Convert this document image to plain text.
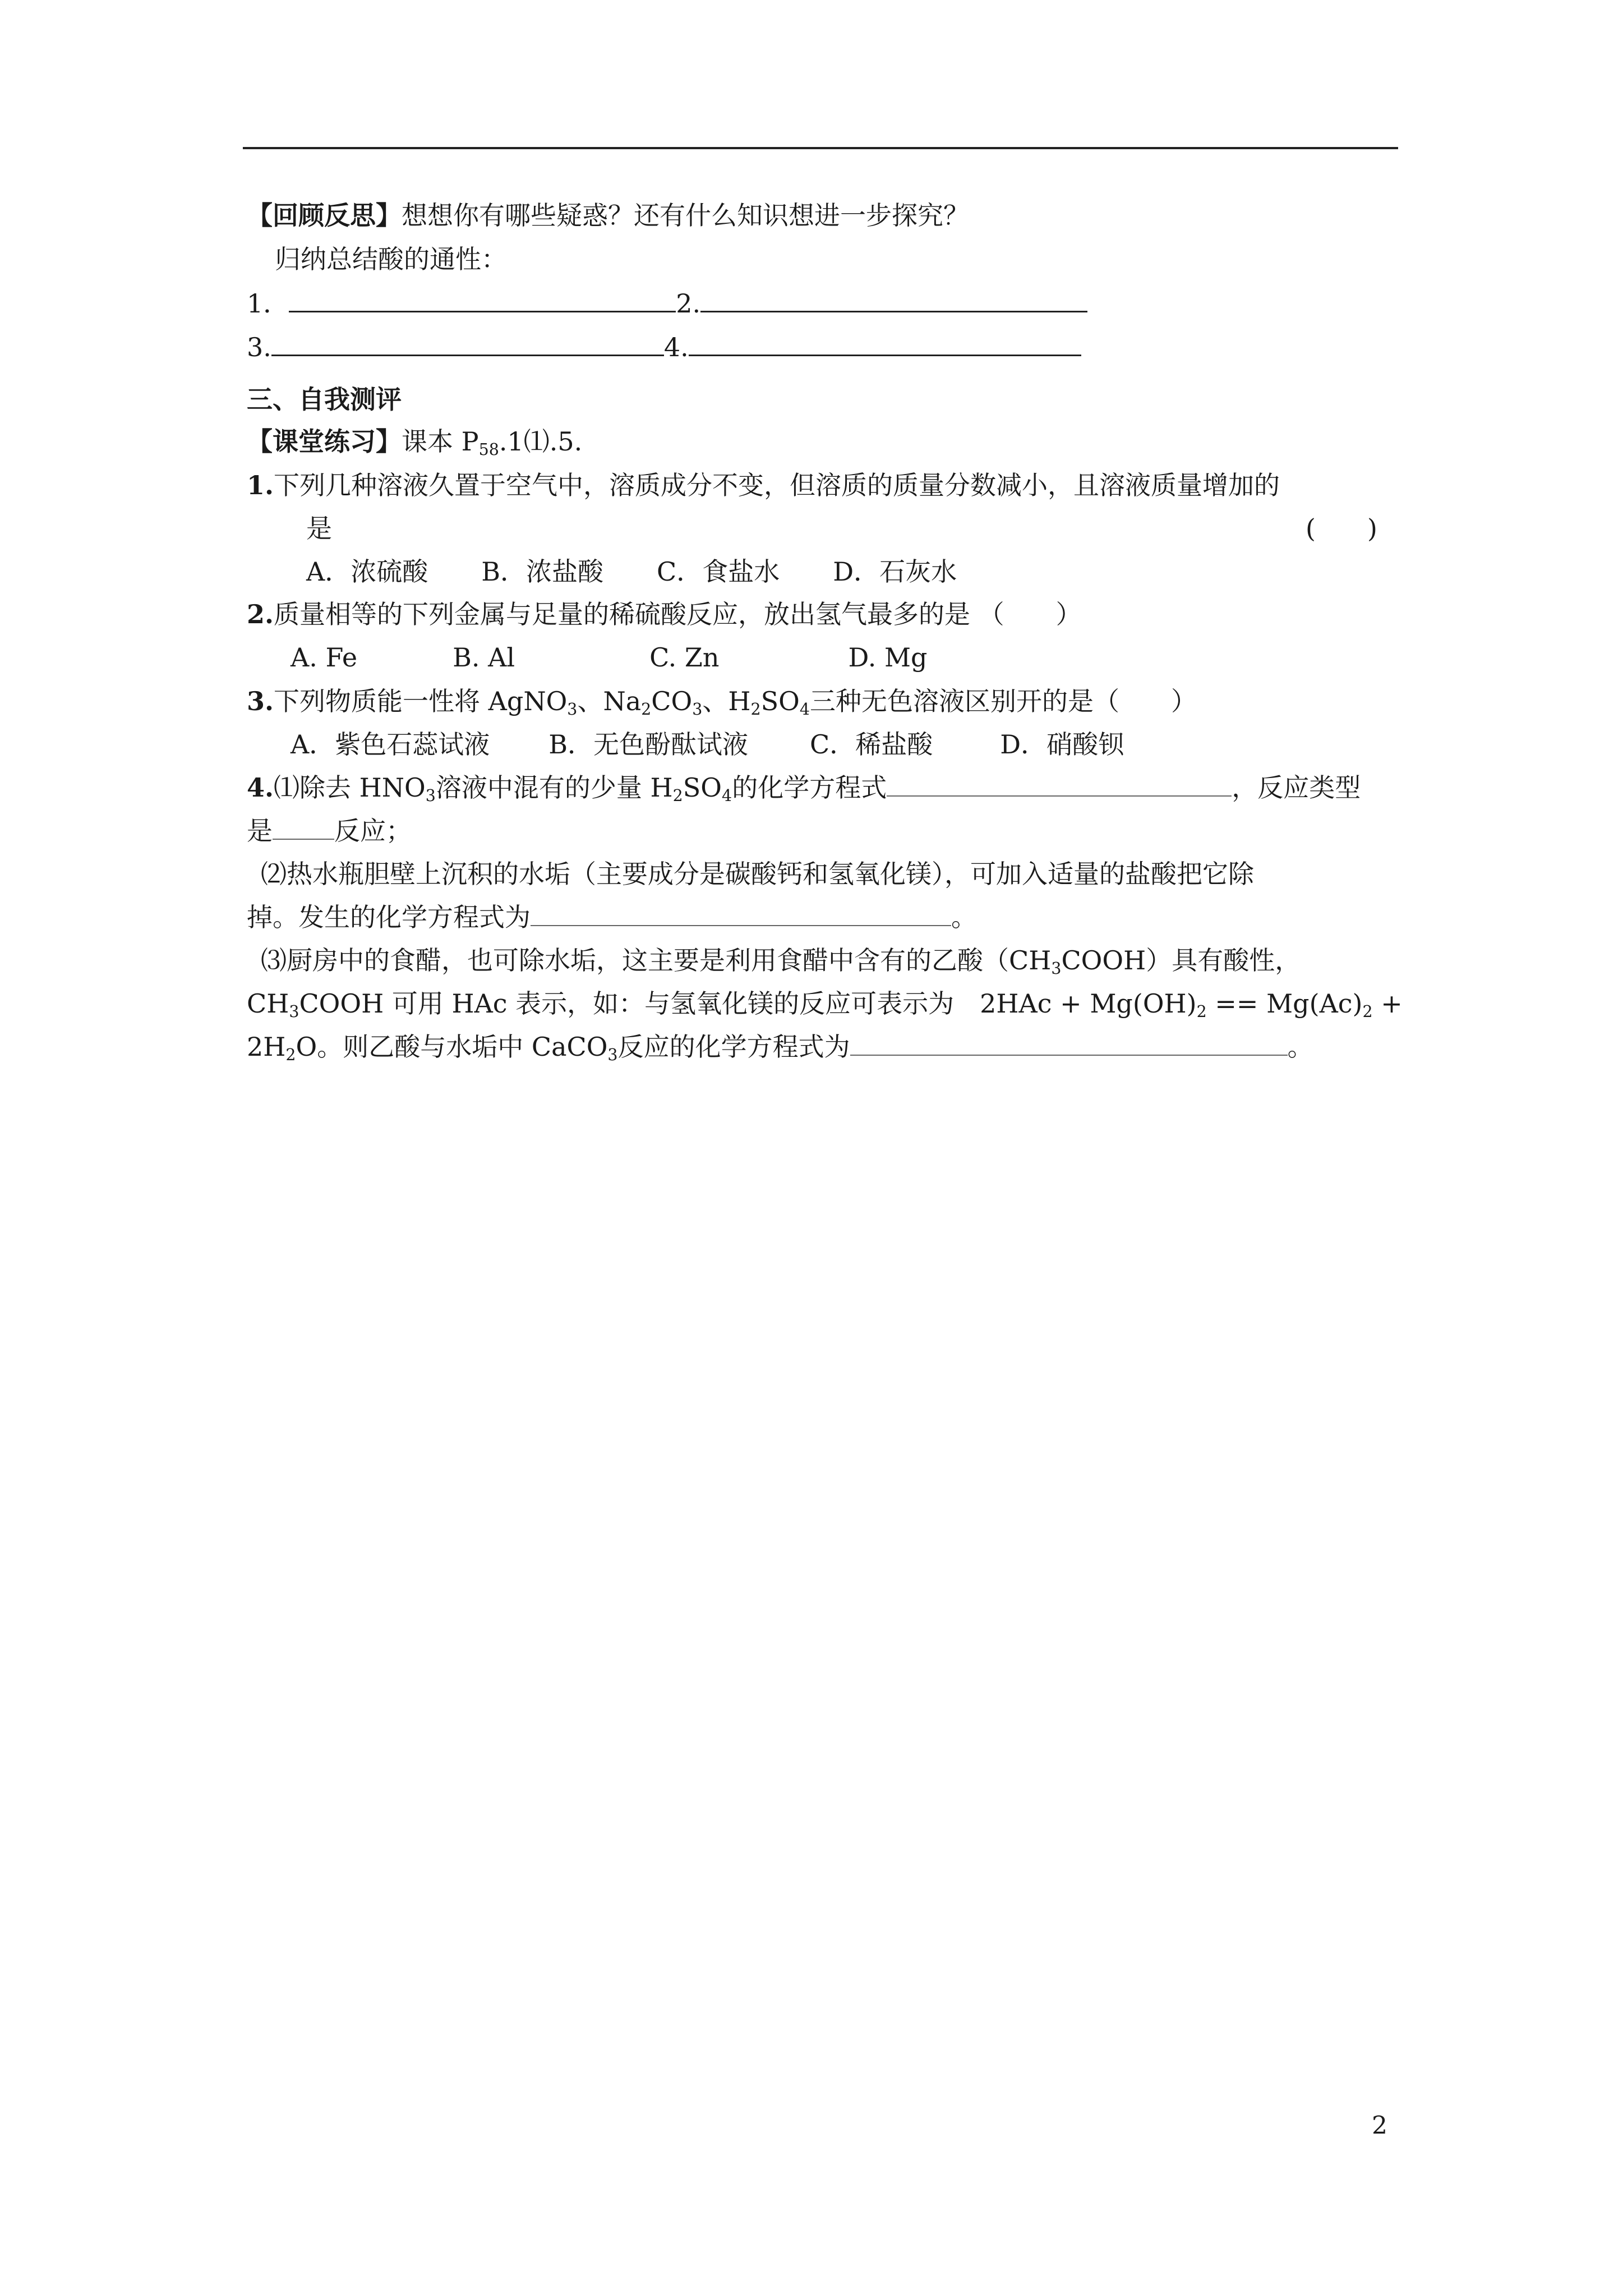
【回顾反思】想想你有哪些疑惑？还有什么知识想进一步探究？
归纳总结酸的通性：
1．	2.
3.	4.
三、自我测评
【课堂练习】课本 $P_{58}.1⑴.5$.
1.下列几种溶液久置于空气中，溶质成分不变，但溶质的质量分数减小，且溶液质量增加的
是	(　　)
A．浓硫酸 B．浓盐酸 C．食盐水 D．石灰水
2.质量相等的下列金属与足量的稀硫酸反应，放出氢气最多的是 （　　）
A. Fe	B. Al	C. Zn	D. Mg
3.下列物质能一性将 AgNO$_3$、$Na_2CO_3$、$H_2SO_4$三种无色溶液区别开的是（　　）
A．紫色石蕊试液 B．无色酚酞试液 C．稀盐酸	D．硝酸钡
4.⑴除去 $HNO_3$溶液中混有的少量 $H_2SO_4$的化学方程式	，反应类型
是 反应；
⑵热水瓶胆壁上沉积的水垢（主要成分是碳酸钙和氢氧化镁），可加入适量的盐酸把它除
掉。发生的化学方程式为	。
⑶厨房中的食醋，也可除水垢，这主要是利用食醋中含有的乙酸$(CH_3COOH)$具有酸性，
$CH_3COOH$ 可用 HAc 表示，如：与氢氧化镁的反应可表示为　$2HAc + Mg(OH)_2 == Mg(Ac)_2$ +
$2H_2O$。则乙酸与水垢中 CaCO$_3$反应的化学方程式为	。
2
